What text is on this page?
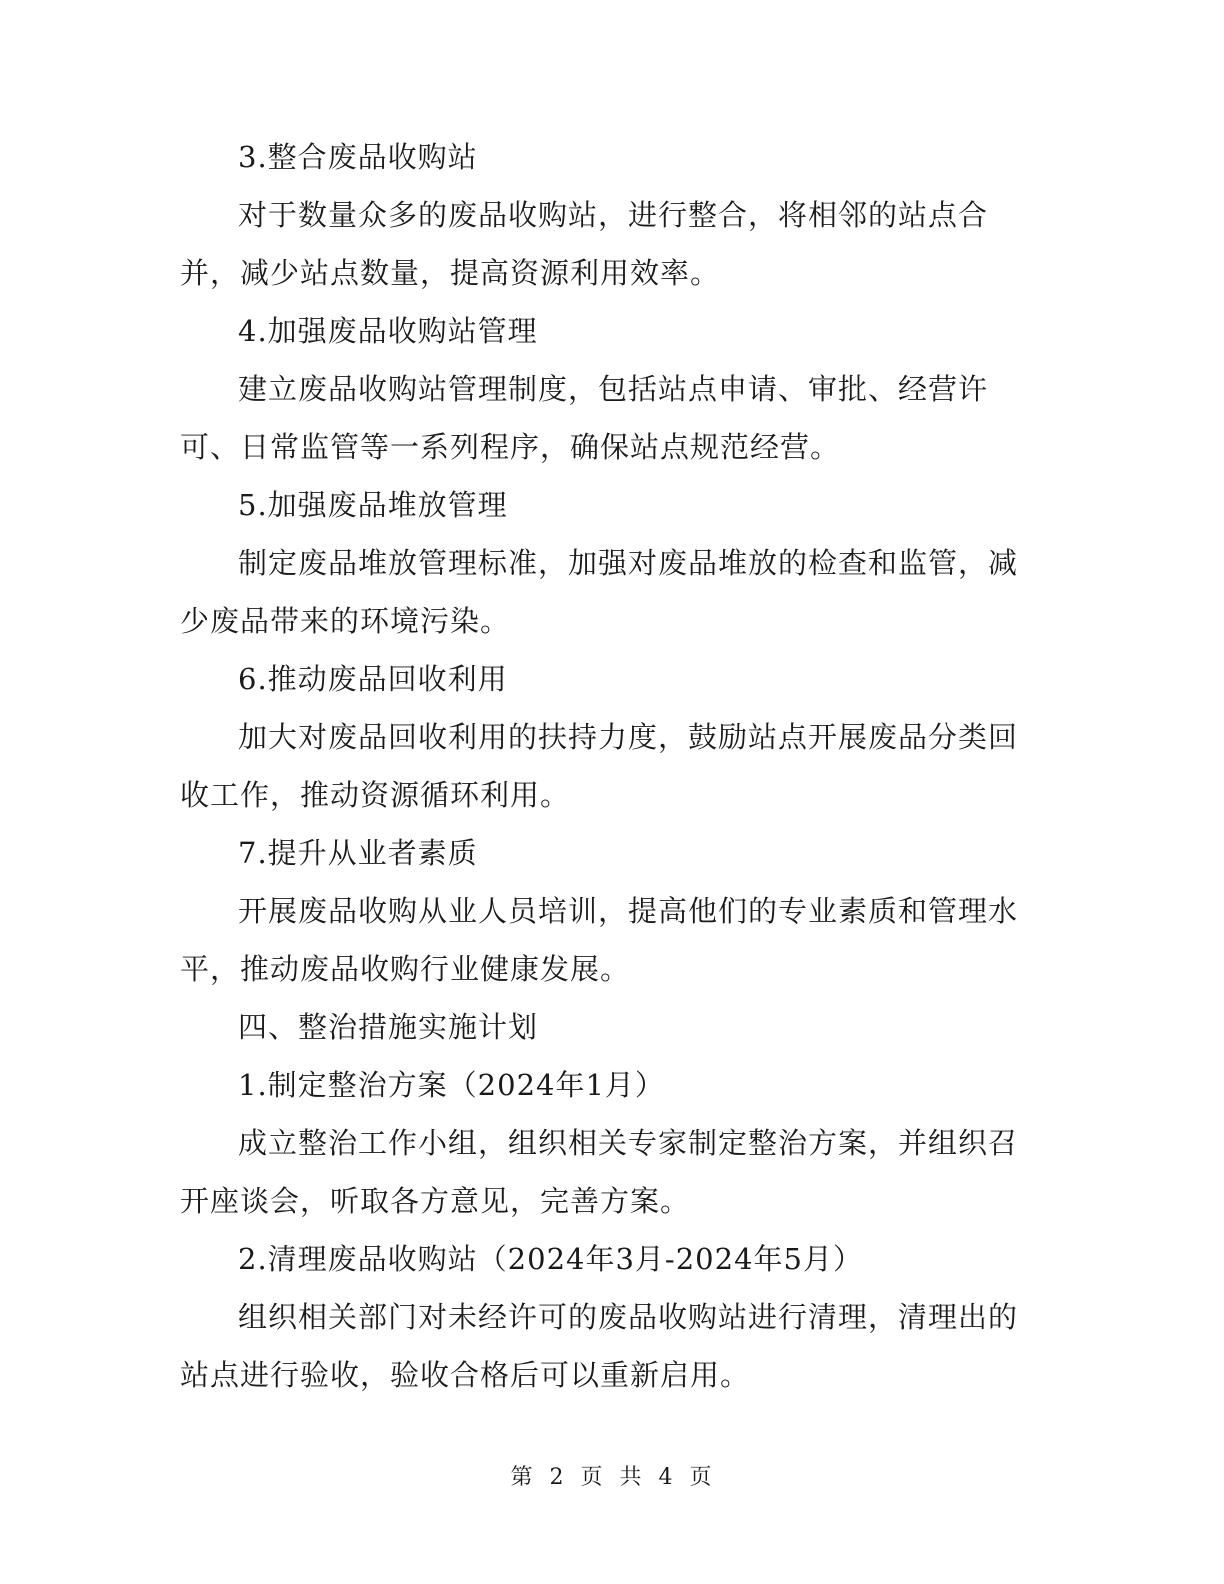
3.整合废品收购站
对于数量众多的废品收购站，进行整合，将相邻的站点合
并，减少站点数量，提高资源利用效率。
4.加强废品收购站管理
建立废品收购站管理制度，包括站点申请、审批、经营许
可、日常监管等一系列程序，确保站点规范经营。
5.加强废品堆放管理
制定废品堆放管理标准，加强对废品堆放的检查和监管，减
少废品带来的环境污染。
6.推动废品回收利用
加大对废品回收利用的扶持力度，鼓励站点开展废品分类回
收工作，推动资源循环利用。
7.提升从业者素质
开展废品收购从业人员培训，提高他们的专业素质和管理水
平，推动废品收购行业健康发展。
四、整治措施实施计划
1.制定整治方案（2024年1月）
成立整治工作小组，组织相关专家制定整治方案，并组织召
开座谈会，听取各方意见，完善方案。
2.清理废品收购站（2024年3月-2024年5月）
组织相关部门对未经许可的废品收购站进行清理，清理出的
站点进行验收，验收合格后可以重新启用。
第 2 页 共 4 页
